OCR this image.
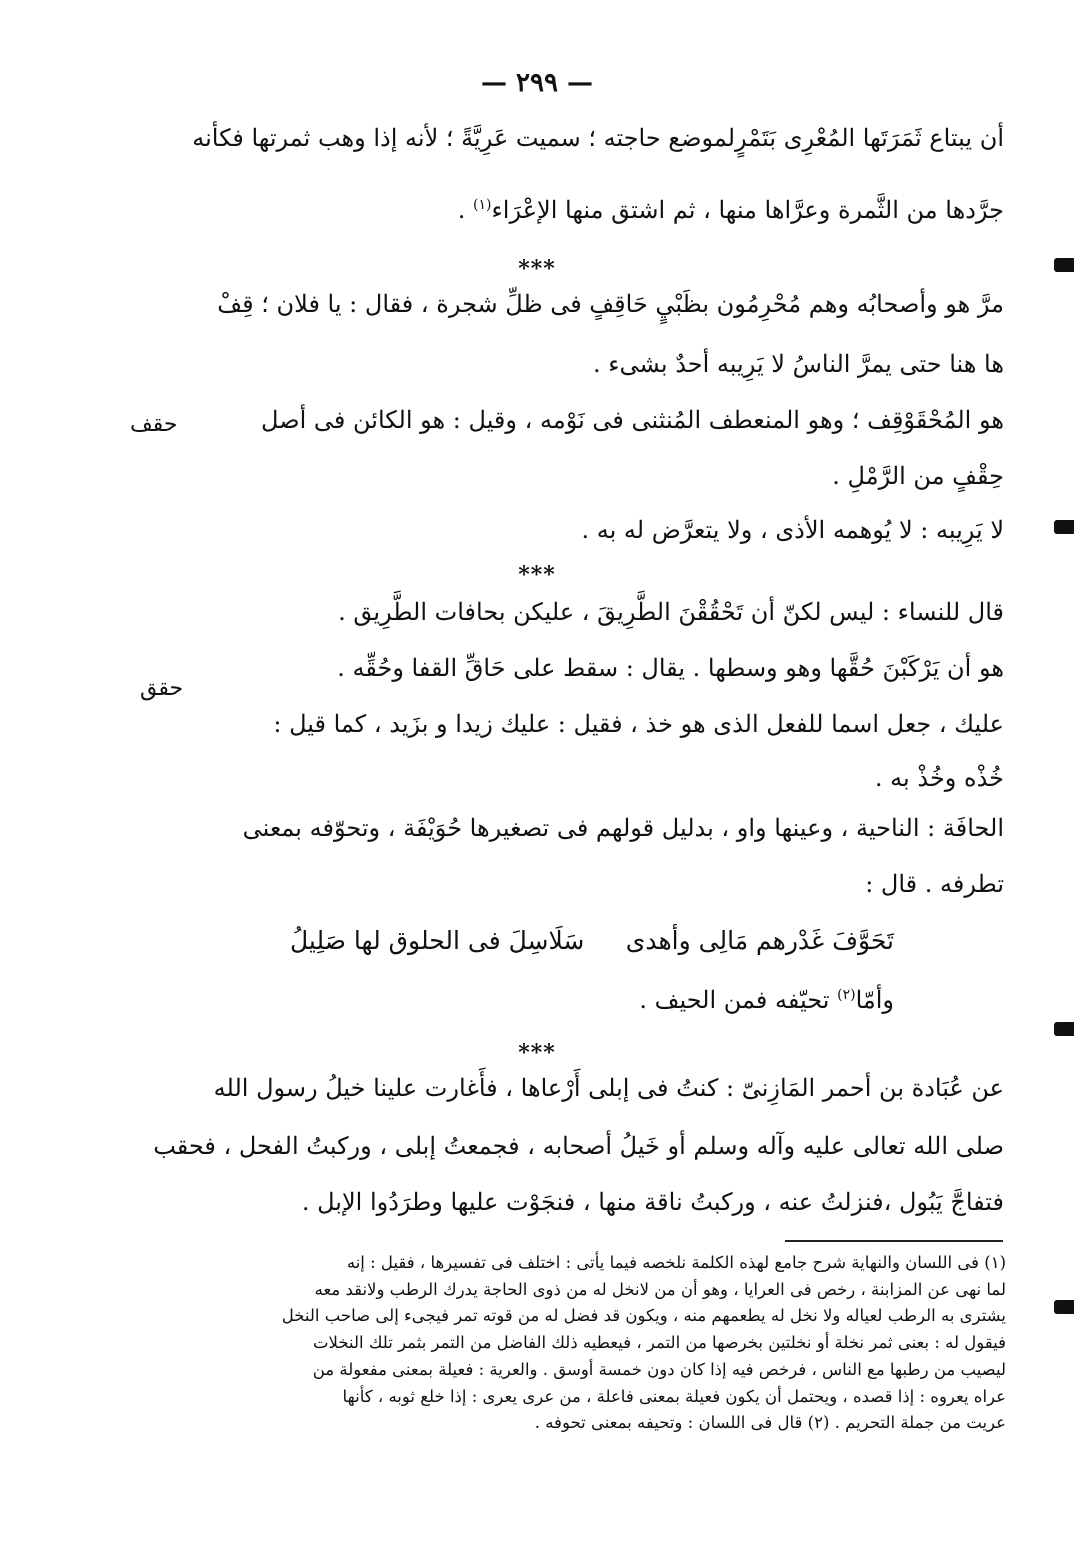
— ٢٩٩ —
أن يبتاع ثَمَرَتَها المُعْرِى بَتَمْرٍلموضع حاجته ؛ سميت عَرِيَّةً ؛ لأنه إذا وهب ثمرتها فكأنه
جرَّدها من الثَّمرة وعرَّاها منها ، ثم اشتق منها الإعْرَاء$^{(١)}$ .
***
مرَّ هو وأصحابُه وهم مُحْرِمُون بظَبْيٍ حَاقِفٍ فى ظلِّ شجرة ، فقال : يا فلان ؛ قِفْ
ها هنا حتى يمرَّ الناسُ لا يَرِيبه أحدٌ بشىء .
حقف	هو المُحْقَوْقِف ؛ وهو المنعطف المُنثنى فى نَوْمه ، وقيل : هو الكائن فى أصل
حِقْفٍ من الرَّمْلِ .
لا يَرِيبه : لا يُوهمه الأذى ، ولا يتعرَّض له به .
***
قال للنساء : ليس لكنّ أن تَحْقُقْنَ الطَّرِيقَ ، عليكن بحافات الطَّرِيق .
حقق
هو أن يَرْكَبْنَ حُقَّها وهو وسطها . يقال : سقط على حَاقِّ القفا وحُقِّه .
عليك ، جعل اسما للفعل الذى هو خذ ، فقيل : عليك زيدا و بزَيد ، كما قيل :
خُذْه وخُذْ به .
الحافَة : الناحية ، وعينها واو ، بدليل قولهم فى تصغيرها حُوَيْفَة ، وتحوّفه بمعنى
تطرفه . قال :
تَحَوَّفَ غَدْرهم مَالِى وأهدى
سَلَاسِلَ فى الحلوق لها صَلِيلُ
وأمّا$^{(٢)}$ تحيّفه فمن الحيف .
***
عن عُبَادة بن أحمر المَازِنىّ : كنتُ فى إبلى أَرْعاها ، فأَغارت علينا خيلُ رسول الله
صلى الله تعالى عليه وآله وسلم أو خَيلُ أصحابه ، فجمعتُ إبلى ، وركبتُ الفحل ، فحقب
فتفاجَّ يَبُول ،فنزلتُ عنه ، وركبتُ ناقة منها ، فنجَوْت عليها وطرَدُوا الإبل .

(١) فى اللسان والنهاية شرح جامع لهذه الكلمة نلخصه فيما يأتى : اختلف فى تفسيرها ، فقيل : إنه

لما نهى عن المزابنة ، رخص فى العرايا ، وهو أن من لانخل له من ذوى الحاجة يدرك الرطب ولانقد معه

يشترى به الرطب لعياله ولا نخل له يطعمهم منه ، ويكون قد فضل له من قوته تمر فيجىء إلى صاحب النخل

فيقول له : بعنى ثمر نخلة أو نخلتين بخرصها من التمر ، فيعطيه ذلك الفاضل من التمر بثمر تلك النخلات

ليصيب من رطبها مع الناس ، فرخص فيه إذا كان دون خمسة أوسق . والعرية : فعيلة بمعنى مفعولة من

عراه يعروه : إذا قصده ، ويحتمل أن يكون فعيلة بمعنى فاعلة ، من عرى يعرى : إذا خلع ثوبه ، كأنها

عريت من جملة التحريم . (٢) قال فى اللسان : وتحيفه بمعنى تحوفه .
